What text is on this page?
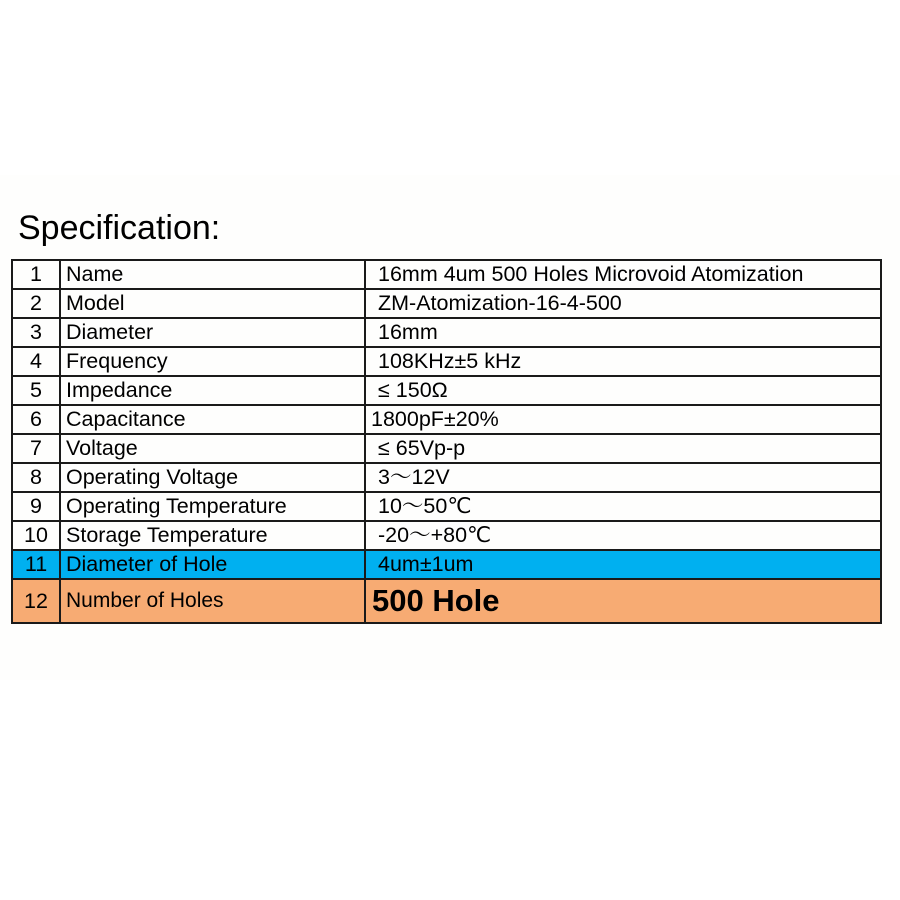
Specification:
1	Name	16mm 4um 500 Holes Microvoid Atomization
2	Model	ZM-Atomization-16-4-500
3	Diameter	16mm
4	Frequency	108KHz±5 kHz
5	Impedance	≤ 150Ω
6	Capacitance	1800pF±20%
7	Voltage	≤ 65Vp-p
8	Operating Voltage	3～12V
9	Operating Temperature	10～50℃
10	Storage Temperature	-20～+80℃
11	Diameter of Hole	4um±1um
12	Number of Holes	500 Hole
